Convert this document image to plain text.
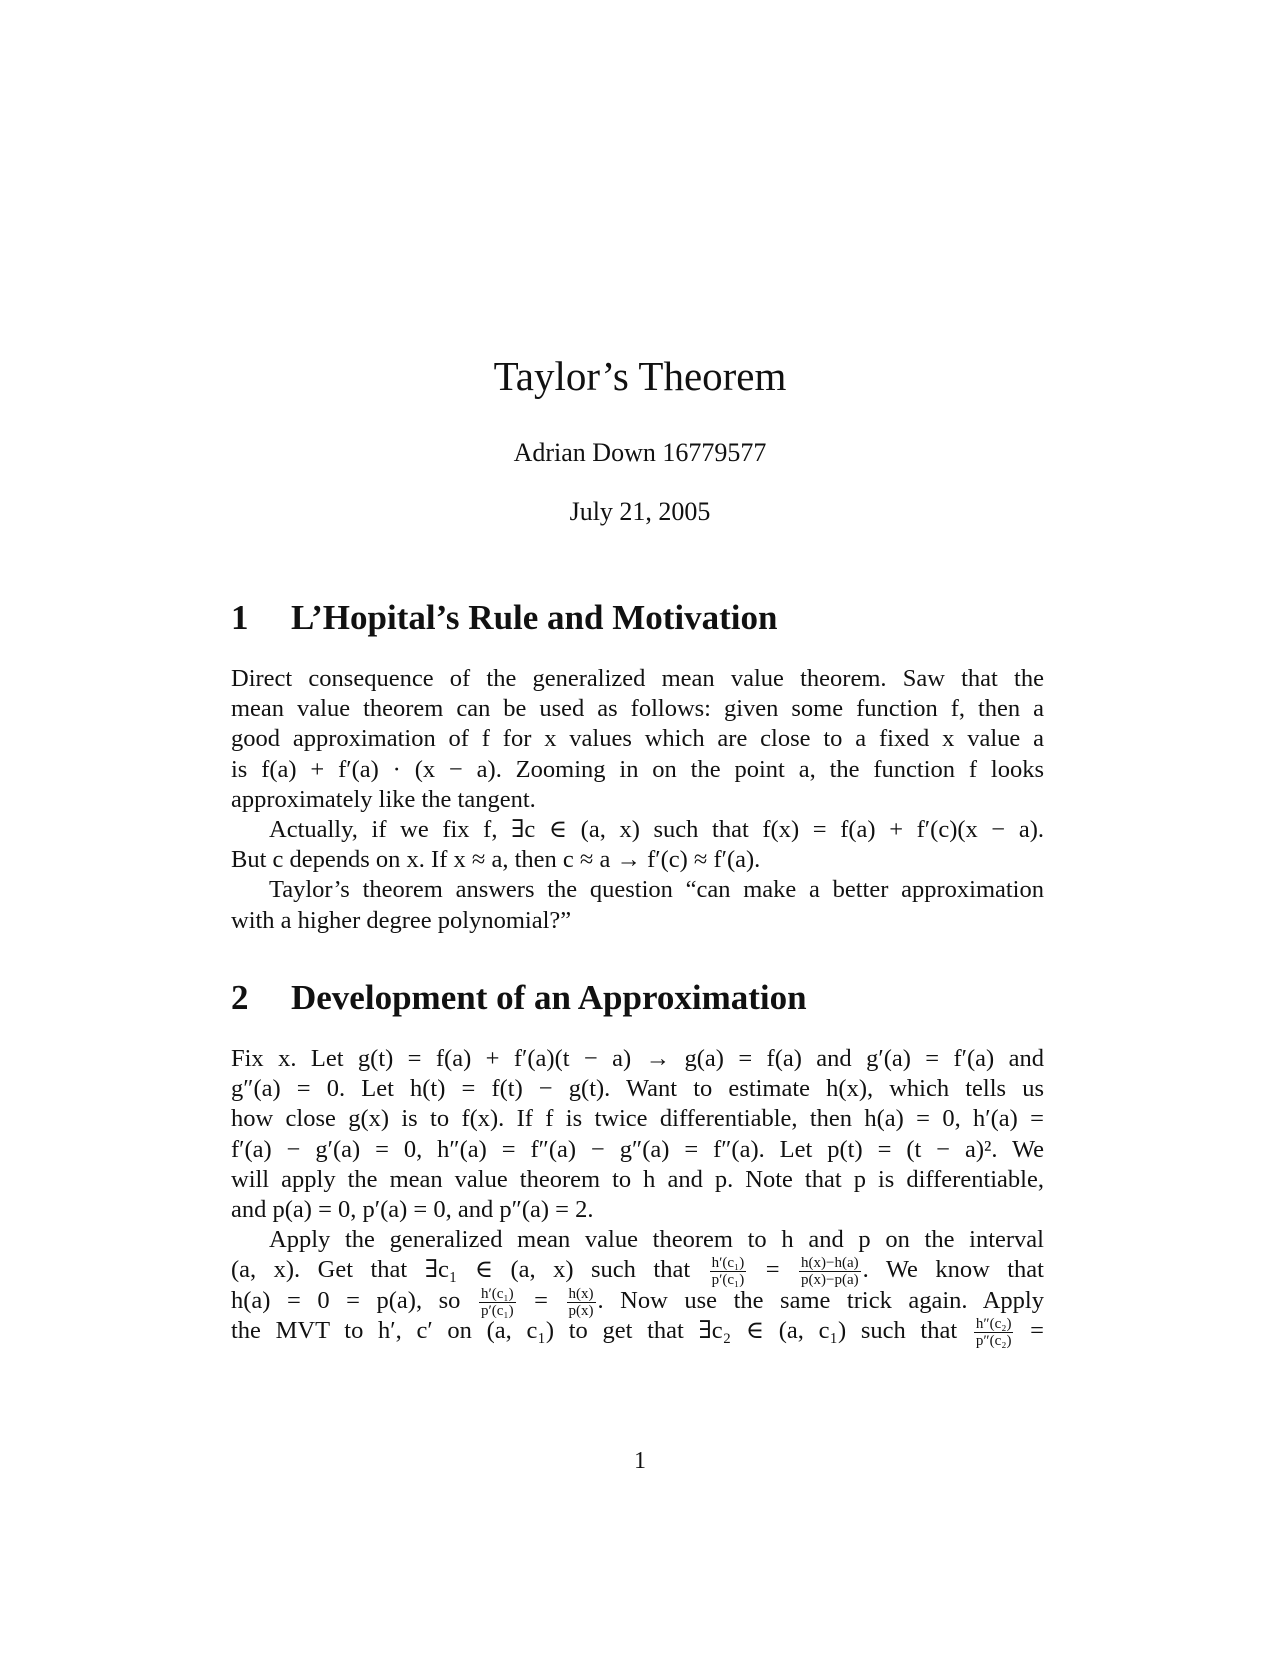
Taylor’s Theorem
Adrian Down 16779577
July 21, 2005
1 L’Hopital’s Rule and Motivation
Direct consequence of the generalized mean value theorem. Saw that the
mean value theorem can be used as follows: given some function f, then a
good approximation of f for x values which are close to a fixed x value a
is f(a) + f′(a) · (x − a). Zooming in on the point a, the function f looks
approximately like the tangent.
Actually, if we fix f, ∃c ∈ (a, x) such that f(x) = f(a) + f′(c)(x − a).
But c depends on x. If x ≈ a, then c ≈ a → f′(c) ≈ f′(a).
Taylor’s theorem answers the question “can make a better approximation
with a higher degree polynomial?”
2 Development of an Approximation
Fix x. Let g(t) = f(a) + f′(a)(t − a) → g(a) = f(a) and g′(a) = f′(a) and
g″(a) = 0. Let h(t) = f(t) − g(t). Want to estimate h(x), which tells us
how close g(x) is to f(x). If f is twice differentiable, then h(a) = 0, h′(a) =
f′(a) − g′(a) = 0, h″(a) = f″(a) − g″(a) = f″(a). Let p(t) = (t − a)². We
will apply the mean value theorem to h and p. Note that p is differentiable,
and p(a) = 0, p′(a) = 0, and p″(a) = 2.
Apply the generalized mean value theorem to h and p on the interval
(a, x). Get that ∃c₁ ∈ (a, x) such that $\frac{\text{h′(c₁)}}{\text{p′(c₁)}} = \frac{h(x)-h(a)}{p(x)-p(a)}$ . We know that
h(a) = 0 = p(a), so $\frac{\text{h′(c₁)}}{\text{p′(c₁)}} = \frac{h(x)}{p(x)}$ . Now use the same trick again. Apply
the MVT to h′, c′ on (a, c₁) to get that ∃c₂ ∈ (a, c₁) such that $\frac{\text{h″(c₂)}}{\text{p″(c₂)}}$ =
1
